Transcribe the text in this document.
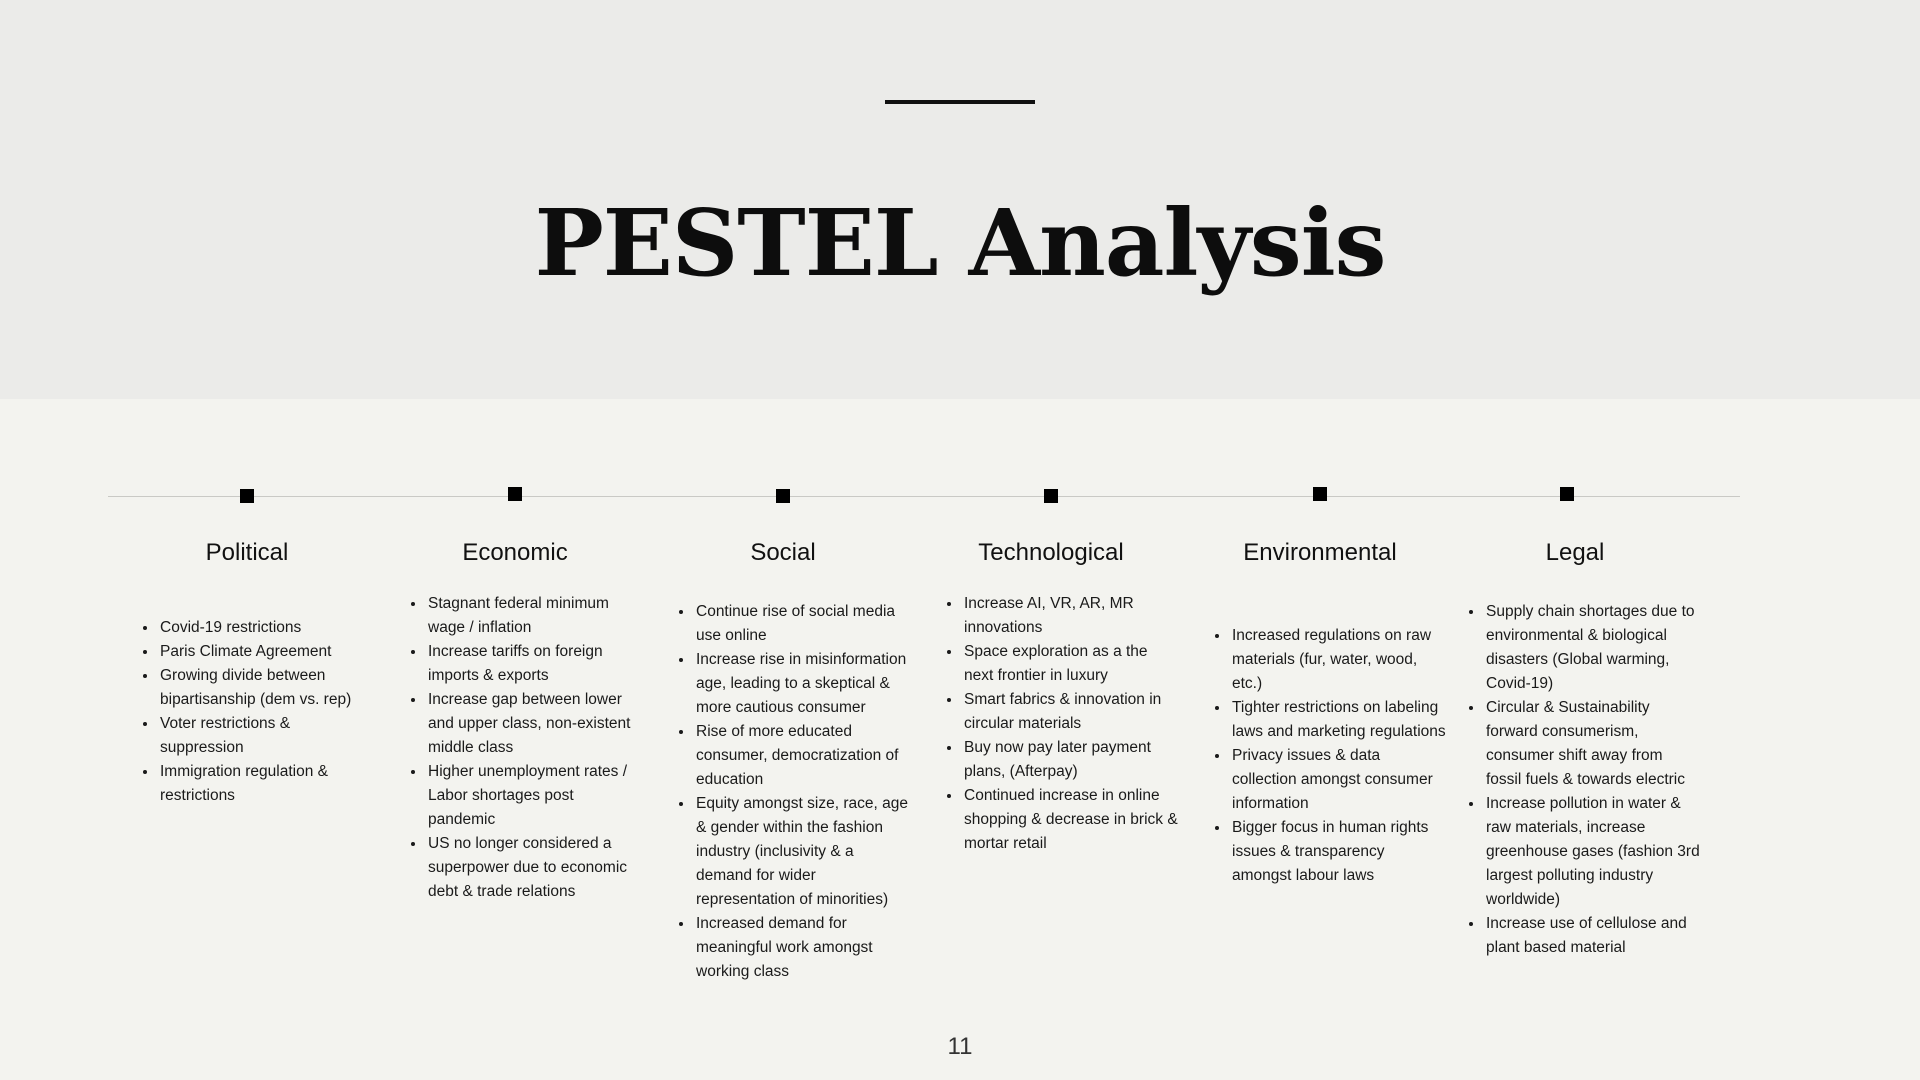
PESTEL Analysis
Political
• Covid-19 restrictions
• Paris Climate Agreement
• Growing divide between bipartisanship (dem vs. rep)
• Voter restrictions & suppression
• Immigration regulation & restrictions
Economic
• Stagnant federal minimum wage / inflation
• Increase tariffs on foreign imports & exports
• Increase gap between lower and upper class, non-existent middle class
• Higher unemployment rates / Labor shortages post pandemic
• US no longer considered a superpower due to economic debt & trade relations
Social
• Continue rise of social media use online
• Increase rise in misinformation age, leading to a skeptical & more cautious consumer
• Rise of more educated consumer, democratization of education
• Equity amongst size, race, age & gender within the fashion industry (inclusivity & a demand for wider representation of minorities)
• Increased demand for meaningful work amongst working class
Technological
• Increase AI, VR, AR, MR innovations
• Space exploration as a the next frontier in luxury
• Smart fabrics & innovation in circular materials
• Buy now pay later payment plans, (Afterpay)
• Continued increase in online shopping & decrease in brick & mortar retail
Environmental
• Increased regulations on raw materials (fur, water, wood, etc.)
• Tighter restrictions on labeling laws and marketing regulations
• Privacy issues & data collection amongst consumer information
• Bigger focus in human rights issues & transparency amongst labour laws
Legal
• Supply chain shortages due to environmental & biological disasters (Global warming, Covid-19)
• Circular & Sustainability forward consumerism, consumer shift away from fossil fuels & towards electric
• Increase pollution in water & raw materials, increase greenhouse gases (fashion 3rd largest polluting industry worldwide)
• Increase use of cellulose and plant based material
11
